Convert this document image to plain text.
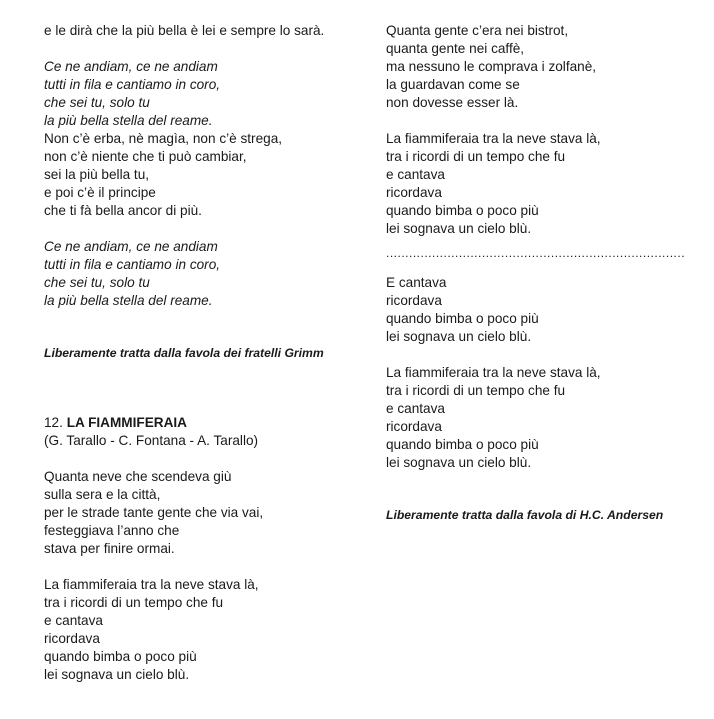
e le dirà che la più bella è lei e sempre lo sarà.
Ce ne andiam, ce ne andiam
tutti in fila e cantiamo in coro,
che sei tu, solo tu
la più bella stella del reame.
Non c’è erba, nè magìa, non c’è strega,
non c’è niente che ti può cambiar,
sei la più bella tu,
e poi c’è il principe
che ti fà bella ancor di più.
Ce ne andiam, ce ne andiam
tutti in fila e cantiamo in coro,
che sei tu, solo tu
la più bella stella del reame.
Liberamente tratta dalla favola dei fratelli Grimm
12. LA FIAMMIFERAIA
(G. Tarallo - C. Fontana - A. Tarallo)
Quanta neve che scendeva giù
sulla sera e la città,
per le strade tante gente che via vai,
festeggiava l’anno che
stava per finire ormai.
La fiammiferaia tra la neve stava là,
tra i ricordi di un tempo che fu
e cantava
ricordava
quando bimba o poco più
lei sognava un cielo blù.
Quanta gente c’era nei bistrot,
quanta gente nei caffè,
ma nessuno le comprava i zolfanè,
la guardavan come se
non dovesse esser là.
La fiammiferaia tra la neve stava là,
tra i ricordi di un tempo che fu
e cantava
ricordava
quando bimba o poco più
lei sognava un cielo blù.
..............................................................................
E cantava
ricordava
quando bimba o poco più
lei sognava un cielo blù.
La fiammiferaia tra la neve stava là,
tra i ricordi di un tempo che fu
e cantava
ricordava
quando bimba o poco più
lei sognava un cielo blù.
Liberamente tratta dalla favola di H.C. Andersen
